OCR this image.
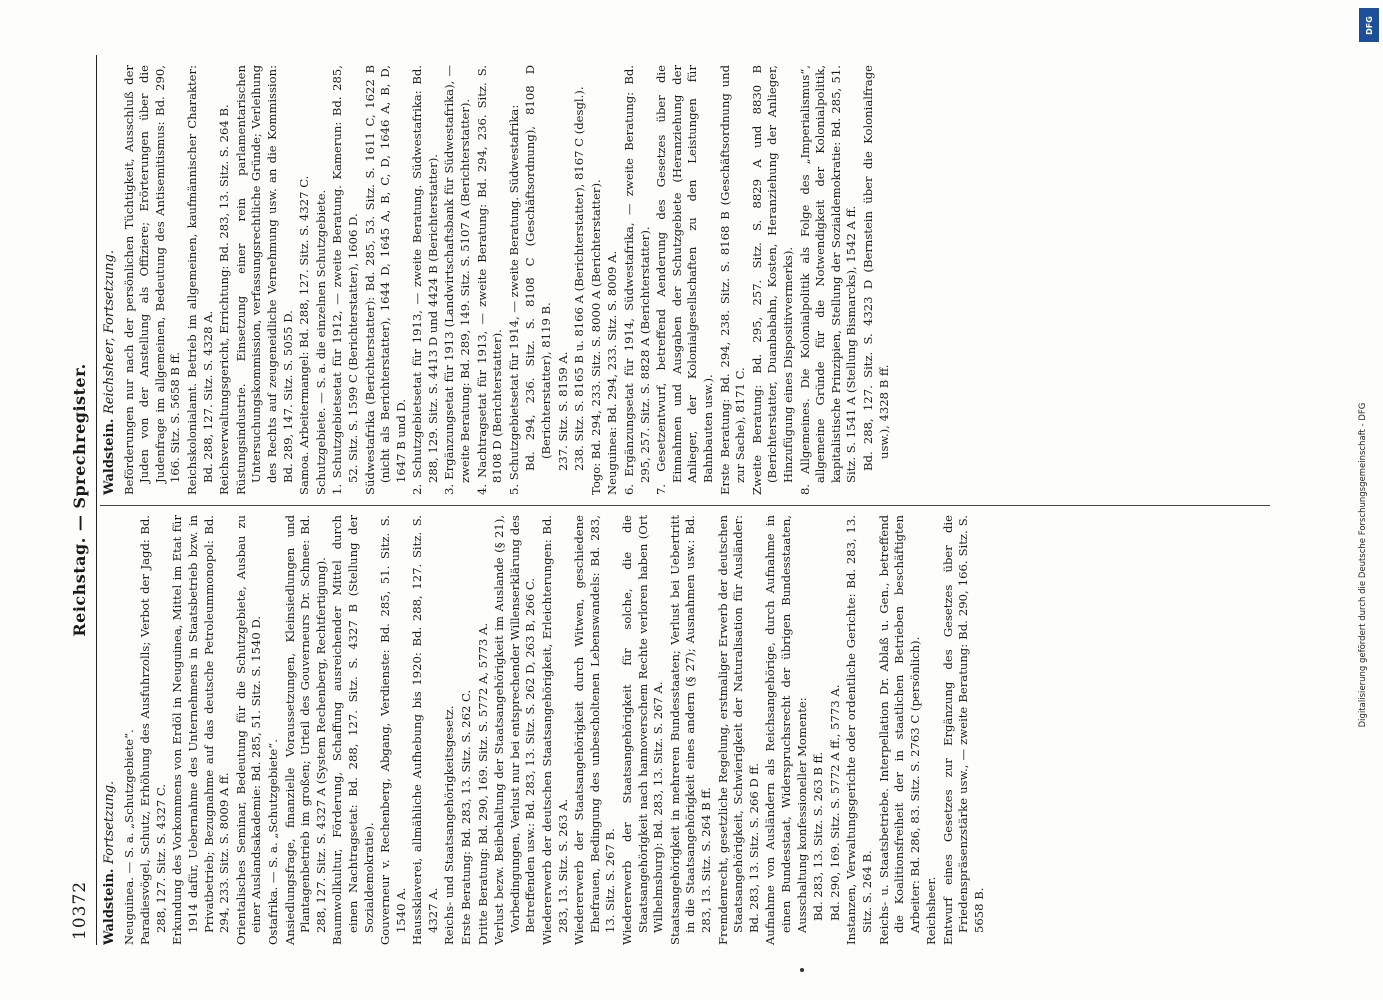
10372
Reichstag. — Sprechregister.
Waldstein. Fortsetzung. Neuguinea. — S. a. „Schutzgebiete“. Paradiesvögel, Schutz, Erhöhung des Ausfuhrzolls; Verbot der Jagd: Bd. 288, 127. Sitz. S. 4327 C. Erkundung des Vorkommens von Erdöl in Neuguinea, Mittel im Etat für 1914 dafür, Uebernahme des Unternehmens in Staatsbetrieb bzw. in Privatbetrieb; Bezugnahme auf das deutsche Petroleummonopol: Bd. 294, 233. Sitz. S. 8009 A ff. Orientalisches Seminar, Bedeutung für die Schutzgebiete, Ausbau zu einer Auslandsakademie: Bd. 285, 51. Sitz. S. 1540 D. Ostafrika. — S. a. „Schutzgebiete“. Ansiedlungsfrage, finanzielle Voraussetzungen, Kleinsiedlungen und Plantagenbetrieb im großen; Urteil des Gouverneurs Dr. Schnee: Bd. 288, 127. Sitz. S. 4327 A (System Rechenberg, Rechtfertigung). Baumwollkultur, Förderung, Schaffung ausreichender Mittel durch einen Nachtragsetat: Bd. 288, 127. Sitz. S. 4327 B (Stellung der Sozialdemokratie). Gouverneur v. Rechenberg, Abgang, Verdienste: Bd. 285, 51. Sitz. S. 1540 A. Haussklaverei, allmähliche Aufhebung bis 1920: Bd. 288, 127. Sitz. S. 4327 A. Reichs- und Staatsangehörigkeitsgesetz. Erste Beratung: Bd. 283, 13. Sitz. S. 262 C. Dritte Beratung: Bd. 290, 169. Sitz. S. 5772 A, 5773 A. Verlust bezw. Beibehaltung der Staatsangehörigkeit im Auslande (§ 21), Vorbedingungen, Verlust nur bei entsprechender Willenserklärung des Betreffenden usw.: Bd. 283, 13. Sitz. S. 262 D, 263 B, 266 C. Wiedererwerb der deutschen Staatsangehörigkeit, Erleichterungen: Bd. 283, 13. Sitz. S. 263 A. Wiedererwerb der Staatsangehörigkeit durch Witwen, geschiedene Ehefrauen, Bedingung des unbescholtenen Lebenswandels: Bd. 283, 13. Sitz. S. 267 B. Wiedererwerb der Staatsangehörigkeit für solche, die die Staatsangehörigkeit nach hannoverschem Rechte verloren haben (Ort Wilhelmsburg): Bd. 283, 13. Sitz. S. 267 A. Staatsangehörigkeit in mehreren Bundesstaaten; Verlust bei Uebertritt in die Staatsangehörigkeit eines andern (§ 27); Ausnahmen usw.: Bd. 283, 13. Sitz. S. 264 B ff. Fremdenrecht, gesetzliche Regelung, erstmaliger Erwerb der deutschen Staatsangehörigkeit, Schwierigkeit der Naturalisation für Ausländer: Bd. 283, 13. Sitz. S. 266 D ff. Aufnahme von Ausländern als Reichsangehörige, durch Aufnahme in einen Bundesstaat, Widerspruchsrecht der übrigen Bundesstaaten, Ausschaltung konfessioneller Momente: Bd. 283, 13. Sitz. S. 263 B ff. Bd. 290, 169. Sitz. S. 5772 A ff., 5773 A. Instanzen, Verwaltungsgerichte oder ordentliche Gerichte: Bd. 283, 13. Sitz. S. 264 B. Reichs- u. Staatsbetriebe. Interpellation Dr. Ablaß u. Gen., betreffend die Koalitionsfreiheit der in staatlichen Betrieben beschäftigten Arbeiter: Bd. 286, 83. Sitz. S. 2763 C (persönlich). Reichsheer. Entwurf eines Gesetzes zur Ergänzung des Gesetzes über die Friedenspräsenzstärke usw., — zweite Beratung: Bd. 290, 166. Sitz. S. 5658 B.
Waldstein. Reichsheer, Fortsetzung. Beförderungen nur nach der persönlichen Tüchtigkeit, Ausschluß der Juden von der Anstellung als Offiziere; Erörterungen über die Judenfrage im allgemeinen, Bedeutung des Antisemitismus: Bd. 290, 166. Sitz. S. 5658 B ff. Reichskolonialamt. Betrieb im allgemeinen, kaufmännischer Charakter: Bd. 288, 127. Sitz. S. 4328 A. Reichsverwaltungsgericht, Errichtung: Bd. 283, 13. Sitz. S. 264 B. Rüstungsindustrie. Einsetzung einer rein parlamentarischen Untersuchungskommission, verfassungsrechtliche Gründe; Verleihung des Rechts auf zeugeneidliche Vernehmung usw. an die Kommission: Bd. 289, 147. Sitz. S. 5055 D. Samoa. Arbeitermangel: Bd. 288, 127. Sitz. S. 4327 C. Schutzgebiete. — S. a. die einzelnen Schutzgebiete. 1. Schutzgebietsetat für 1912, — zweite Beratung. Kamerun: Bd. 285, 52. Sitz. S. 1599 C (Berichterstatter), 1606 D. Südwestafrika (Berichterstatter): Bd. 285, 53. Sitz. S. 1611 C, 1622 B (nicht als Berichterstatter), 1644 D, 1645 A, B, C, D, 1646 A, B, D, 1647 B und D. 2. Schutzgebietsetat für 1913, — zweite Beratung. Südwestafrika: Bd. 288, 129. Sitz. S. 4413 D und 4424 B (Berichterstatter). 3. Ergänzungsetat für 1913 (Landwirtschaftsbank für Südwestafrika), — zweite Beratung: Bd. 289, 149. Sitz. S. 5107 A (Berichterstatter). 4. Nachtragsetat für 1913, — zweite Beratung: Bd. 294, 236. Sitz. S. 8108 D (Berichterstatter). 5. Schutzgebietsetat für 1914, — zweite Beratung. Südwestafrika: Bd. 294, 236. Sitz. S. 8108 C (Geschäftsordnung), 8108 D (Berichterstatter), 8119 B. 237. Sitz. S. 8159 A. 238. Sitz. S. 8165 B u. 8166 A (Berichterstatter), 8167 C (desgl.). Togo: Bd. 294, 233. Sitz. S. 8000 A (Berichterstatter). Neuguinea: Bd. 294, 233. Sitz. S. 8009 A. 6. Ergänzungsetat für 1914, Südwestafrika, — zweite Beratung: Bd. 295, 257. Sitz. S. 8828 A (Berichterstatter). 7. Gesetzentwurf, betreffend Aenderung des Gesetzes über die Einnahmen und Ausgaben der Schutzgebiete (Heranziehung der Anlieger, der Kolonialgesellschaften zu den Leistungen für Bahnbauten usw.). Erste Beratung: Bd. 294, 238. Sitz. S. 8168 B (Geschäftsordnung und zur Sache), 8171 C. Zweite Beratung: Bd. 295, 257. Sitz. S. 8829 A und 8830 B (Berichterstatter, Duanbabahn, Kosten, Heranziehung der Anlieger, Hinzufügung eines Dispositivvermerks). 8. Allgemeines. Die Kolonialpolitik als Folge des „Imperialismus“, allgemeine Gründe für die Notwendigkeit der Kolonialpolitik, kapitalistische Prinzipien, Stellung der Sozialdemokratie: Bd. 285, 51. Sitz. S. 1541 A (Stellung Bismarcks), 1542 A ff. Bd. 288, 127. Sitz. S. 4323 D (Bernstein über die Kolonialfrage usw.), 4328 B ff.
DFG
Digitalisierung gefördert durch die Deutsche Forschungsgemeinschaft - DFG
